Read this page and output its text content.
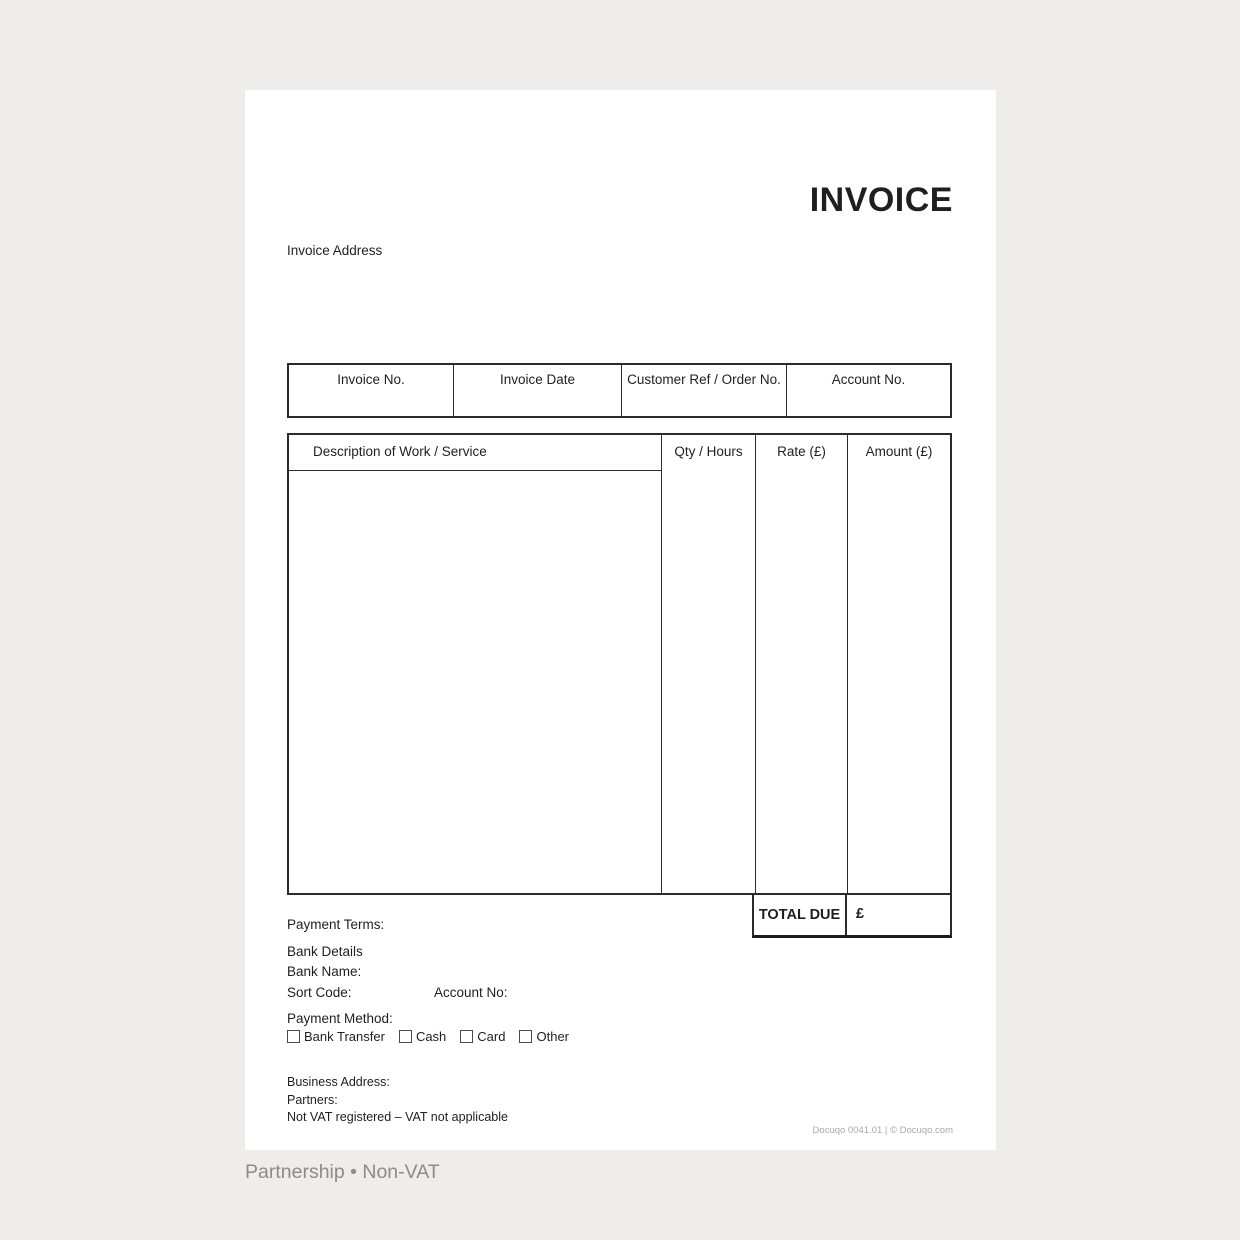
INVOICE
Invoice Address
Invoice No.	Invoice Date	Customer Ref / Order No.	Account No.
Description of Work / Service	Qty / Hours	Rate (£)	Amount (£)
TOTAL DUE	£
Payment Terms:
Bank Details
Bank Name:
Sort Code:	Account No:
Payment Method:
Bank Transfer Cash Card Other
Business Address:
Partners:
Not VAT registered – VAT not applicable
Docuqo 0041.01 | © Docuqo.com
Partnership • Non-VAT
